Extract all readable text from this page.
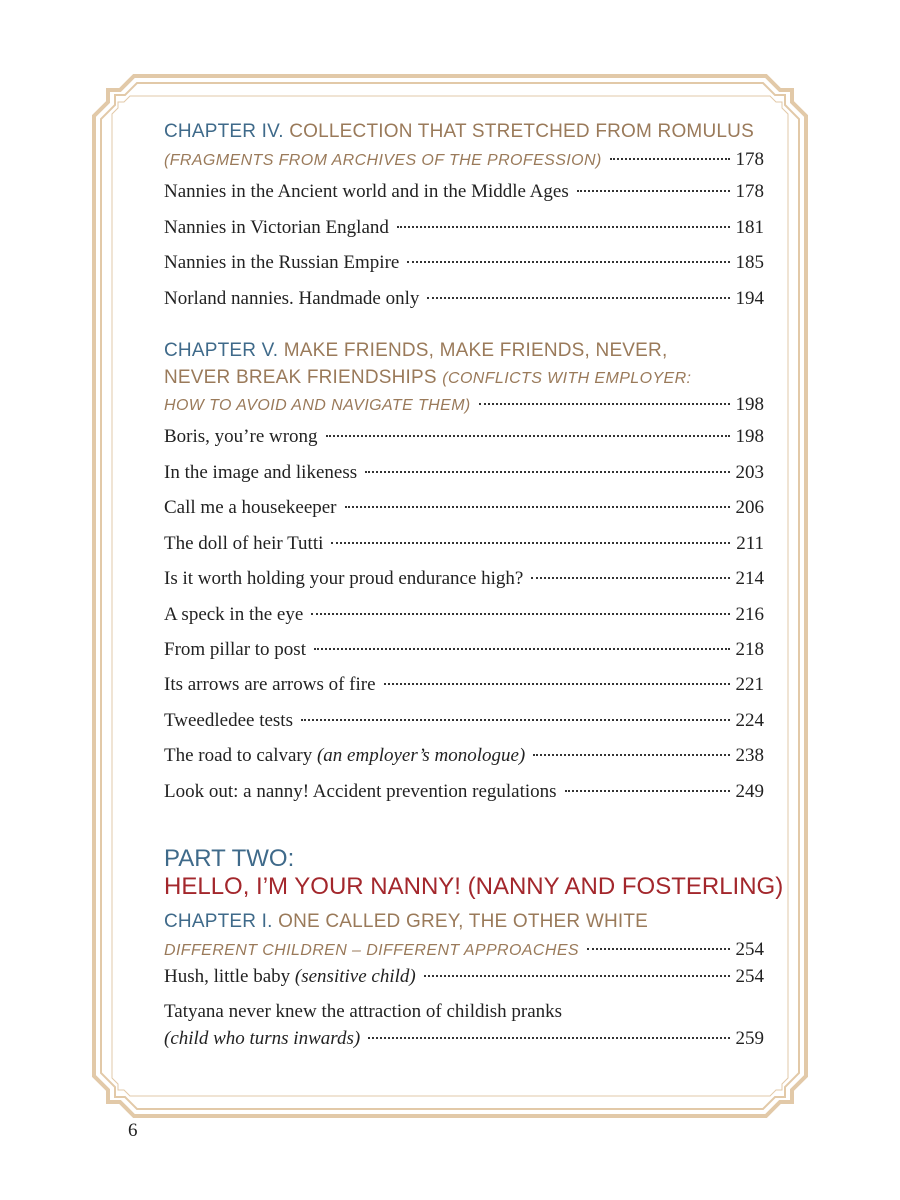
CHAPTER IV. COLLECTION THAT STRETCHED FROM ROMULUS
(FRAGMENTS FROM ARCHIVES OF THE PROFESSION)	178
Nannies in the Ancient world and in the Middle Ages	178
Nannies in Victorian England	181
Nannies in the Russian Empire	185
Norland nannies. Handmade only	194
CHAPTER V. MAKE FRIENDS, MAKE FRIENDS, NEVER,
NEVER BREAK FRIENDSHIPS (CONFLICTS WITH EMPLOYER:
HOW TO AVOID AND NAVIGATE THEM)	198
Boris, you’re wrong	198
In the image and likeness	203
Call me a housekeeper	206
The doll of heir Tutti	211
Is it worth holding your proud endurance high?	214
A speck in the eye	216
From pillar to post	218
Its arrows are arrows of fire	221
Tweedledee tests	224
The road to calvary (an employer’s monologue)	238
Look out: a nanny! Accident prevention regulations	249
PART TWO:
HELLO, I’M YOUR NANNY! (NANNY AND FOSTERLING)
CHAPTER I. ONE CALLED GREY, THE OTHER WHITE
DIFFERENT CHILDREN – DIFFERENT APPROACHES	254
Hush, little baby (sensitive child)	254
Tatyana never knew the attraction of childish pranks
(child who turns inwards)	259
6
